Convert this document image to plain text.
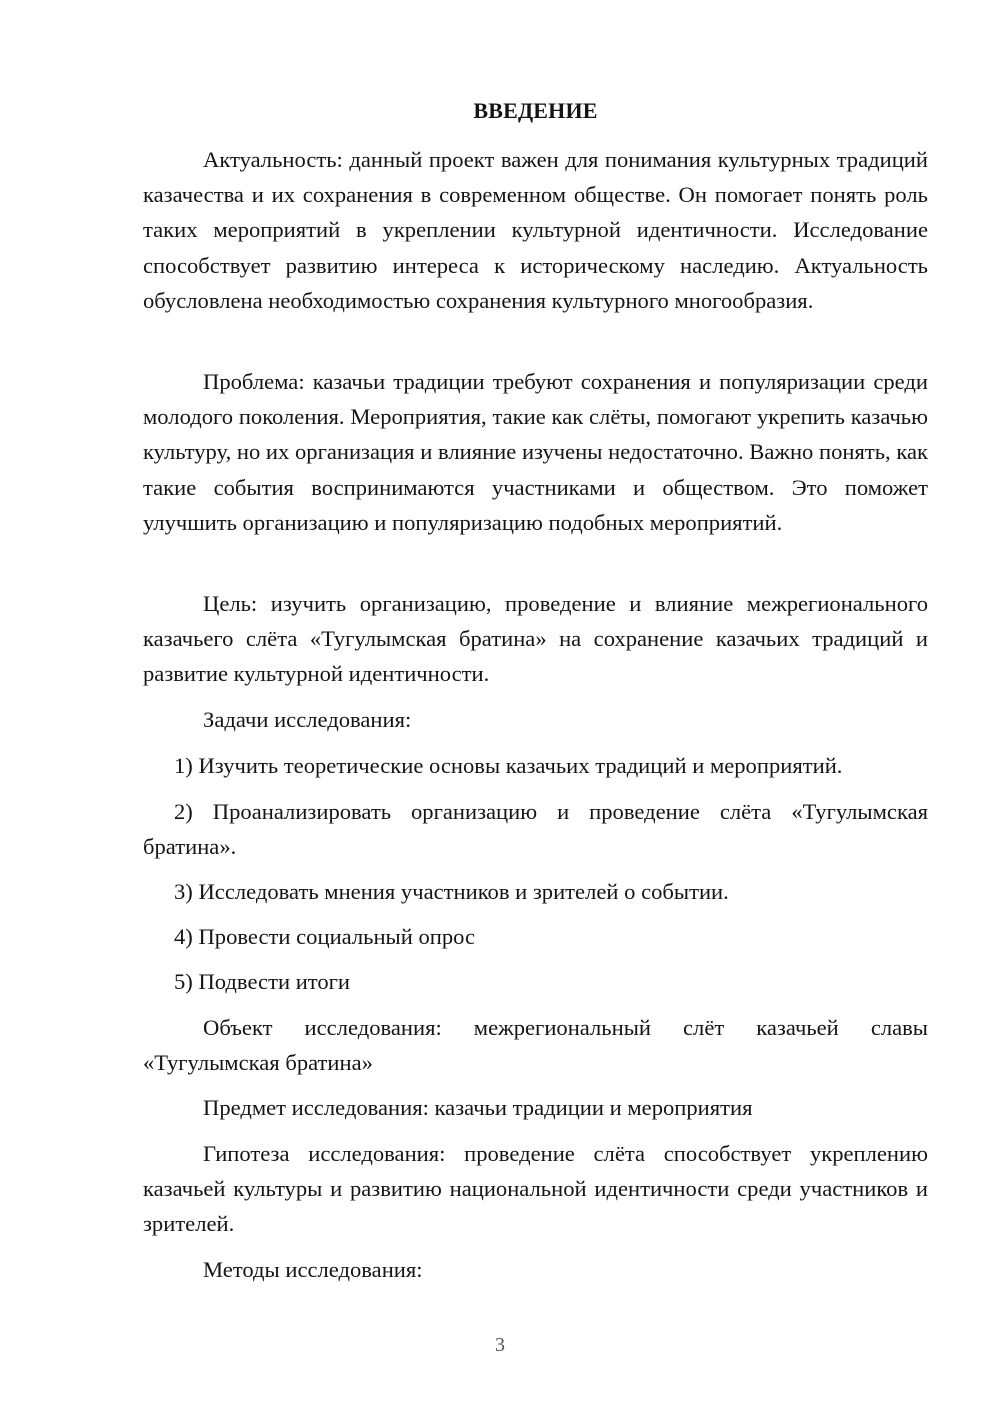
ВВЕДЕНИЕ

Актуальность: данный проект важен для понимания культурных традиций казачества и их сохранения в современном обществе. Он помогает понять роль таких мероприятий в укреплении культурной идентичности. Исследование способствует развитию интереса к историческому наследию. Актуальность обусловлена необходимостью сохранения культурного многообразия.

Проблема: казачьи традиции требуют сохранения и популяризации среди молодого поколения. Мероприятия, такие как слёты, помогают укрепить казачью культуру, но их организация и влияние изучены недостаточно. Важно понять, как такие события воспринимаются участниками и обществом. Это поможет улучшить организацию и популяризацию подобных мероприятий.

Цель: изучить организацию, проведение и влияние межрегионального казачьего слёта «Тугулымская братина» на сохранение казачьих традиций и развитие культурной идентичности.

Задачи исследования:

1) Изучить теоретические основы казачьих традиций и мероприятий.

2) Проанализировать организацию и проведение слёта «Тугулымская братина».

3) Исследовать мнения участников и зрителей о событии.

4) Провести социальный опрос

5) Подвести итоги

Объект исследования: межрегиональный слёт казачьей славы «Тугулымская братина»

Предмет исследования: казачьи традиции и мероприятия

Гипотеза исследования: проведение слёта способствует укреплению казачьей культуры и развитию национальной идентичности среди участников и зрителей.

Методы исследования:

3
